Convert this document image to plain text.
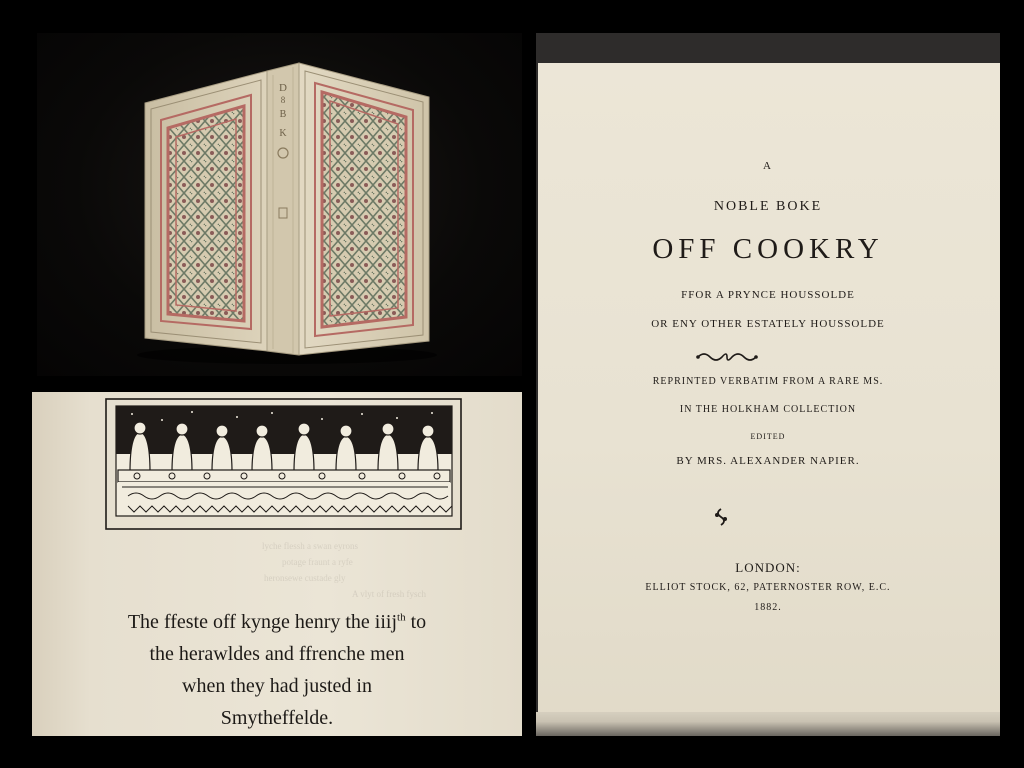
D
8
B
K
lyche flessh a swan eyrons
potage fraunt a ryfe
heronsewe custade gly
A vlyt of fresh fysch
The ffeste off kynge henry the iiij$^{th}$ to
the herawldes and ffrenche men
when they had justed in
Smytheffelde.
A
NOBLE BOKE
OFF COOKRY
FFOR A PRYNCE HOUSSOLDE
OR ENY OTHER ESTATELY HOUSSOLDE
REPRINTED VERBATIM FROM A RARE MS.
IN THE HOLKHAM COLLECTION
EDITED
BY MRS. ALEXANDER NAPIER.
LONDON:
ELLIOT STOCK, 62, PATERNOSTER ROW, E.C.
1882.
